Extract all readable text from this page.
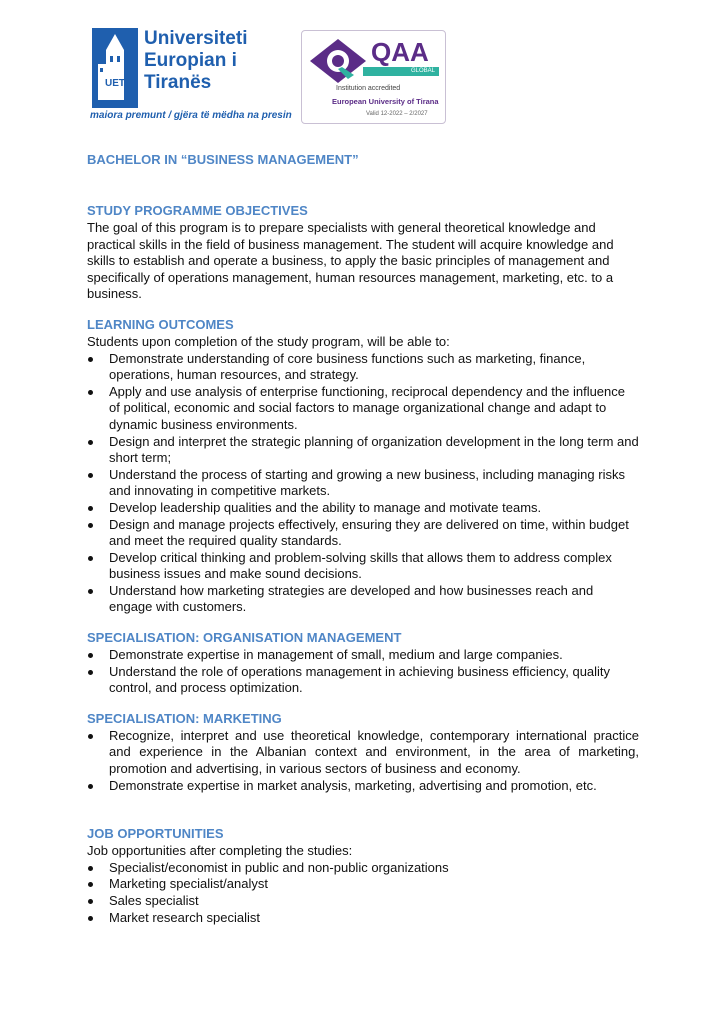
UET
Universiteti
Europian i
Tiranës
maiora premunt / gjëra të mëdha na presin
QAA
GLOBAL
Institution accredited
European University of Tirana
Valid 12-2022 – 2/2027
BACHELOR IN “BUSINESS MANAGEMENT”
STUDY PROGRAMME OBJECTIVES

The goal of this program is to prepare specialists with general theoretical knowledge and practical skills in the field of business management. The student will acquire knowledge and skills to establish and operate a business, to apply the basic principles of management and specifically of operations management, human resources management, marketing, etc. to a business.

LEARNING OUTCOMES

Students upon completion of the study program, will be able to:

Demonstrate understanding of core business functions such as marketing, finance, operations, human resources, and strategy.
Apply and use analysis of enterprise functioning, reciprocal dependency and the influence of political, economic and social factors to manage organizational change and adapt to dynamic business environments.
Design and interpret the strategic planning of organization development in the long term and short term;
Understand the process of starting and growing a new business, including managing risks and innovating in competitive markets.
Develop leadership qualities and the ability to manage and motivate teams.
Design and manage projects effectively, ensuring they are delivered on time, within budget and meet the required quality standards.
Develop critical thinking and problem-solving skills that allows them to address complex business issues and make sound decisions.
Understand how marketing strategies are developed and how businesses reach and engage with customers.
SPECIALISATION: ORGANISATION MANAGEMENT
Demonstrate expertise in management of small, medium and large companies.
Understand the role of operations management in achieving business efficiency, quality control, and process optimization.
SPECIALISATION: MARKETING
Recognize, interpret and use theoretical knowledge, contemporary international practice and experience in the Albanian context and environment, in the area of marketing, promotion and advertising, in various sectors of business and economy.
Demonstrate expertise in market analysis, marketing, advertising and promotion, etc.
JOB OPPORTUNITIES

Job opportunities after completing the studies:

Specialist/economist in public and non-public organizations
Marketing specialist/analyst
Sales specialist
Market research specialist
